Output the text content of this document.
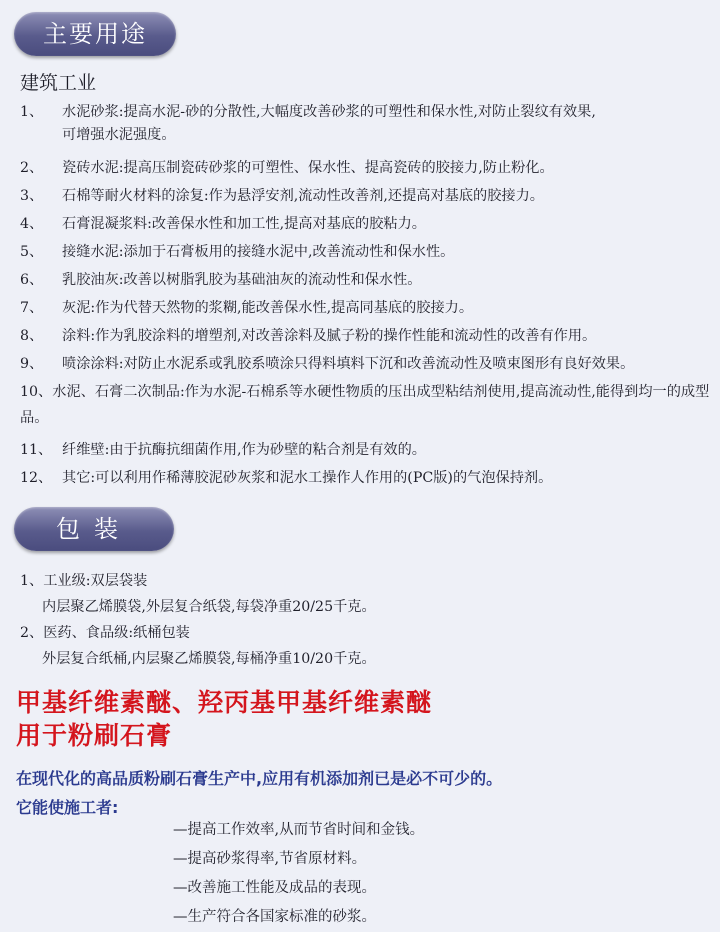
主要用途
建筑工业
1、	水泥砂浆:提高水泥-砂的分散性,大幅度改善砂浆的可塑性和保水性,对防止裂纹有效果,
可增强水泥强度。
2、	瓷砖水泥:提高压制瓷砖砂浆的可塑性、保水性、提高瓷砖的胶接力,防止粉化。
3、	石棉等耐火材料的涂复:作为悬浮安剂,流动性改善剂,还提高对基底的胶接力。
4、	石膏混凝浆料:改善保水性和加工性,提高对基底的胶粘力。
5、	接缝水泥:添加于石膏板用的接缝水泥中,改善流动性和保水性。
6、	乳胶油灰:改善以树脂乳胶为基础油灰的流动性和保水性。
7、	灰泥:作为代替天然物的浆糊,能改善保水性,提高同基底的胶接力。
8、	涂料:作为乳胶涂料的增塑剂,对改善涂料及腻子粉的操作性能和流动性的改善有作用。
9、	喷涂涂料:对防止水泥系或乳胶系喷涂只得料填料下沉和改善流动性及喷束图形有良好效果。
10、水泥、石膏二次制品:作为水泥-石棉系等水硬性物质的压出成型粘结剂使用,提高流动性,能得到均一的成型品。
11、 纤维壁:由于抗酶抗细菌作用,作为砂壁的粘合剂是有效的。
12、 其它:可以利用作稀薄胶泥砂灰浆和泥水工操作人作用的(PC版)的气泡保持剂。
包装
1、工业级:双层袋装
内层聚乙烯膜袋,外层复合纸袋,每袋净重20/25千克。
2、医药、食品级:纸桶包装
外层复合纸桶,内层聚乙烯膜袋,每桶净重10/20千克。
甲基纤维素醚、羟丙基甲基纤维素醚
用于粉刷石膏
在现代化的高品质粉刷石膏生产中,应用有机添加剂已是必不可少的。
它能使施工者:
—提高工作效率,从而节省时间和金钱。
—提高砂浆得率,节省原材料。
—改善施工性能及成品的表现。
—生产符合各国家标准的砂浆。
